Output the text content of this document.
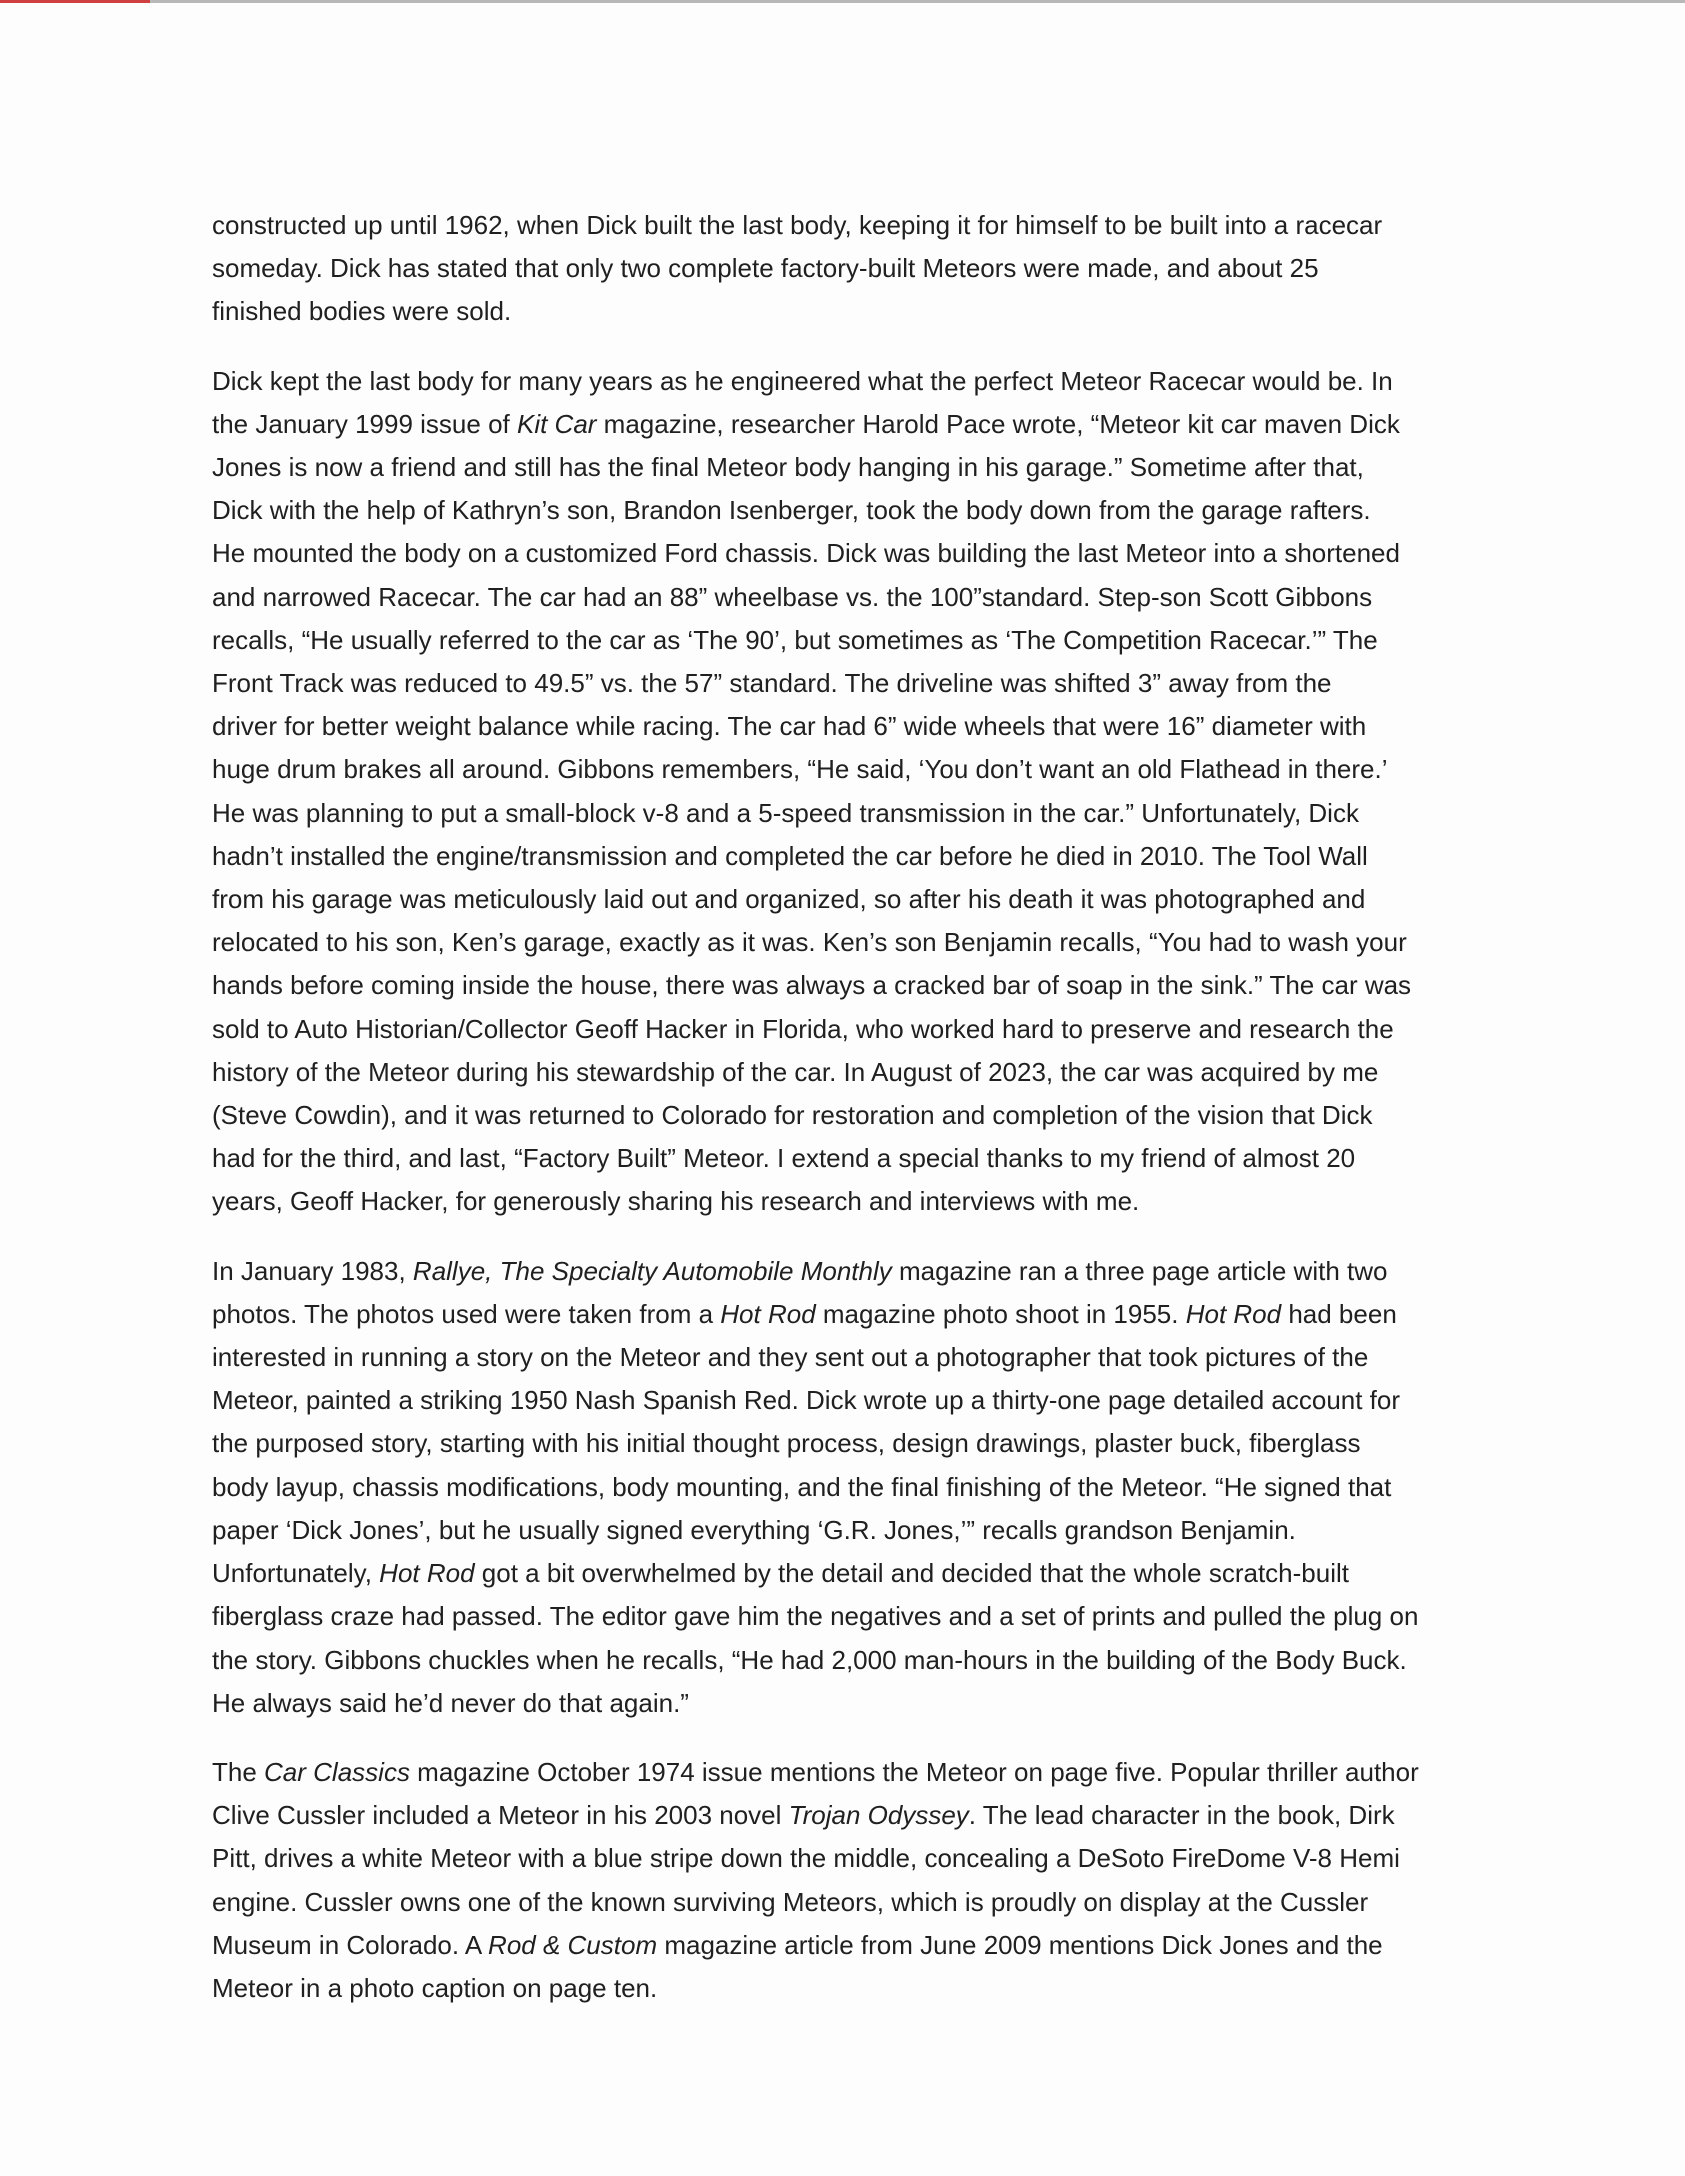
constructed up until 1962, when Dick built the last body, keeping it for himself to be built into a racecar
someday. Dick has stated that only two complete factory-built Meteors were made, and about 25
finished bodies were sold.

Dick kept the last body for many years as he engineered what the perfect Meteor Racecar would be. In
the January 1999 issue of Kit Car magazine, researcher Harold Pace wrote, “Meteor kit car maven Dick
Jones is now a friend and still has the final Meteor body hanging in his garage.” Sometime after that,
Dick with the help of Kathryn’s son, Brandon Isenberger, took the body down from the garage rafters.
He mounted the body on a customized Ford chassis. Dick was building the last Meteor into a shortened
and narrowed Racecar. The car had an 88” wheelbase vs. the 100”standard. Step-son Scott Gibbons
recalls, “He usually referred to the car as ‘The 90’, but sometimes as ‘The Competition Racecar.’” The
Front Track was reduced to 49.5” vs. the 57” standard. The driveline was shifted 3” away from the
driver for better weight balance while racing. The car had 6” wide wheels that were 16” diameter with
huge drum brakes all around. Gibbons remembers, “He said, ‘You don’t want an old Flathead in there.’
He was planning to put a small-block v-8 and a 5-speed transmission in the car.” Unfortunately, Dick
hadn’t installed the engine/transmission and completed the car before he died in 2010. The Tool Wall
from his garage was meticulously laid out and organized, so after his death it was photographed and
relocated to his son, Ken’s garage, exactly as it was. Ken’s son Benjamin recalls, “You had to wash your
hands before coming inside the house, there was always a cracked bar of soap in the sink.” The car was
sold to Auto Historian/Collector Geoff Hacker in Florida, who worked hard to preserve and research the
history of the Meteor during his stewardship of the car. In August of 2023, the car was acquired by me
(Steve Cowdin), and it was returned to Colorado for restoration and completion of the vision that Dick
had for the third, and last, “Factory Built” Meteor. I extend a special thanks to my friend of almost 20
years, Geoff Hacker, for generously sharing his research and interviews with me.

In January 1983, Rallye, The Specialty Automobile Monthly magazine ran a three page article with two
photos. The photos used were taken from a Hot Rod magazine photo shoot in 1955. Hot Rod had been
interested in running a story on the Meteor and they sent out a photographer that took pictures of the
Meteor, painted a striking 1950 Nash Spanish Red. Dick wrote up a thirty-one page detailed account for
the purposed story, starting with his initial thought process, design drawings, plaster buck, fiberglass
body layup, chassis modifications, body mounting, and the final finishing of the Meteor. “He signed that
paper ‘Dick Jones’, but he usually signed everything ‘G.R. Jones,’” recalls grandson Benjamin.
Unfortunately, Hot Rod got a bit overwhelmed by the detail and decided that the whole scratch-built
fiberglass craze had passed. The editor gave him the negatives and a set of prints and pulled the plug on
the story. Gibbons chuckles when he recalls, “He had 2,000 man-hours in the building of the Body Buck.
He always said he’d never do that again.”

The Car Classics magazine October 1974 issue mentions the Meteor on page five. Popular thriller author
Clive Cussler included a Meteor in his 2003 novel Trojan Odyssey. The lead character in the book, Dirk
Pitt, drives a white Meteor with a blue stripe down the middle, concealing a DeSoto FireDome V-8 Hemi
engine. Cussler owns one of the known surviving Meteors, which is proudly on display at the Cussler
Museum in Colorado. A Rod & Custom magazine article from June 2009 mentions Dick Jones and the
Meteor in a photo caption on page ten.
